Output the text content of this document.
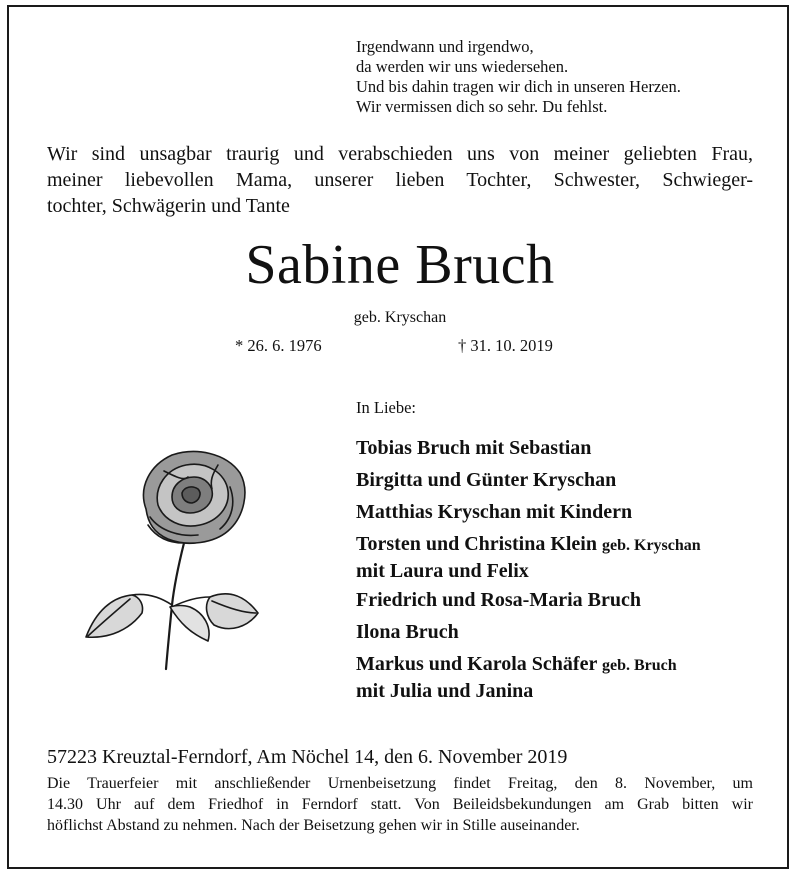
Irgendwann und irgendwo,
da werden wir uns wiedersehen.
Und bis dahin tragen wir dich in unseren Herzen.
Wir vermissen dich so sehr. Du fehlst.
Wir sind unsagbar traurig und verabschieden uns von meiner geliebten Frau,
meiner liebevollen Mama, unserer lieben Tochter, Schwester, Schwieger-
tochter, Schwägerin und Tante
Sabine Bruch
geb. Kryschan
* 26. 6. 1976	† 31. 10. 2019
In Liebe:
Tobias Bruch mit Sebastian
Birgitta und Günter Kryschan
Matthias Kryschan mit Kindern
Torsten und Christina Klein geb. Kryschan
mit Laura und Felix
Friedrich und Rosa-Maria Bruch
Ilona Bruch
Markus und Karola Schäfer geb. Bruch
mit Julia und Janina
57223 Kreuztal-Ferndorf, Am Nöchel 14, den 6. November 2019
Die Trauerfeier mit anschließender Urnenbeisetzung findet Freitag, den 8. November, um
14.30 Uhr auf dem Friedhof in Ferndorf statt. Von Beileidsbekundungen am Grab bitten wir
höflichst Abstand zu nehmen. Nach der Beisetzung gehen wir in Stille auseinander.
